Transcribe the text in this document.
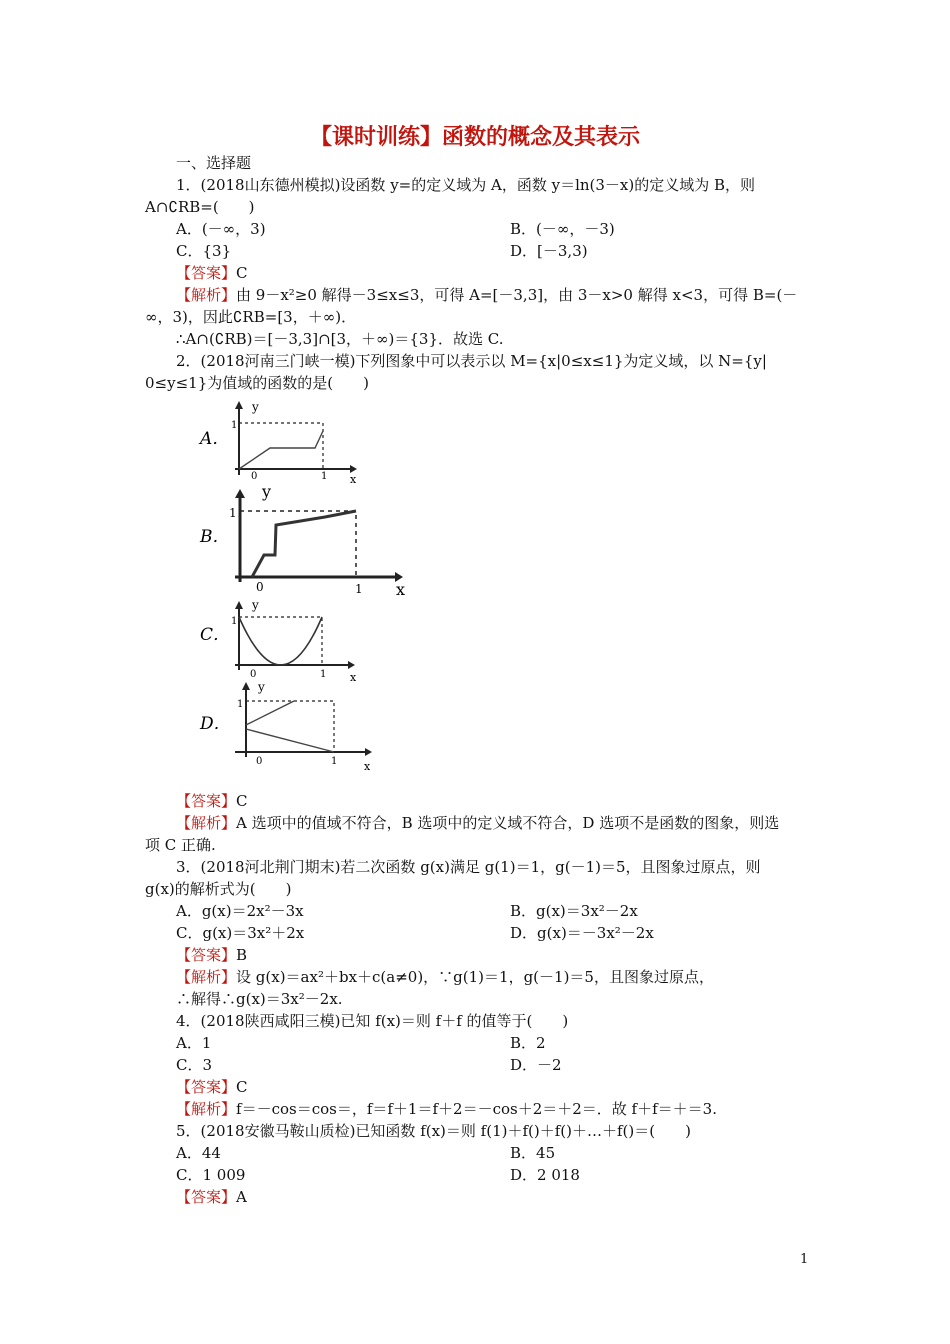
【课时训练】函数的概念及其表示
一、选择题
1．(2018山东德州模拟)设函数 y=的定义域为 A，函数 y＝ln(3－x)的定义域为 B，则
A∩∁RB=(　　)
A．(－∞，3)	B．(－∞，－3)
C．{3}	D．[－3,3)
【答案】C
【解析】由 9－x²≥0 解得－3≤x≤3，可得 A=[－3,3]，由 3－x>0 解得 x<3，可得 B=(－
∞，3)，因此∁RB=[3，＋∞)．
∴A∩(∁RB)＝[－3,3]∩[3，＋∞)＝{3}．故选 C.
2．(2018河南三门峡一模)下列图象中可以表示以 M={x|0≤x≤1}为定义域，以 N={y|
0≤y≤1}为值域的函数的是(　　)
A．
y
x
1
0	1
B．
y
x
1
0	1
C．
y
x
1
0	1
D．
y
x
1
0	1
【答案】C
【解析】A 选项中的值域不符合，B 选项中的定义域不符合，D 选项不是函数的图象，则选
项 C 正确.
3．(2018河北荆门期末)若二次函数 g(x)满足 g(1)＝1，g(－1)＝5，且图象过原点，则
g(x)的解析式为(　　)
A．g(x)＝2x²－3x	B．g(x)＝3x²－2x
C．g(x)＝3x²＋2x	D．g(x)＝－3x²－2x
【答案】B
【解析】设 g(x)＝ax²＋bx＋c(a≠0)，∵g(1)＝1，g(－1)＝5，且图象过原点，
∴解得∴g(x)＝3x²－2x.
4．(2018陕西咸阳三模)已知 f(x)＝则 f＋f 的值等于(　　)
A．1	B．2
C．3	D．－2
【答案】C
【解析】f＝－cos＝cos＝，f＝f＋1＝f＋2＝－cos＋2＝＋2＝．故 f＋f＝＋＝3.
5．(2018安徽马鞍山质检)已知函数 f(x)＝则 f(1)＋f()＋f()＋…＋f()＝(　　)
A．44	B．45
C．1 009	D．2 018
【答案】A
1
